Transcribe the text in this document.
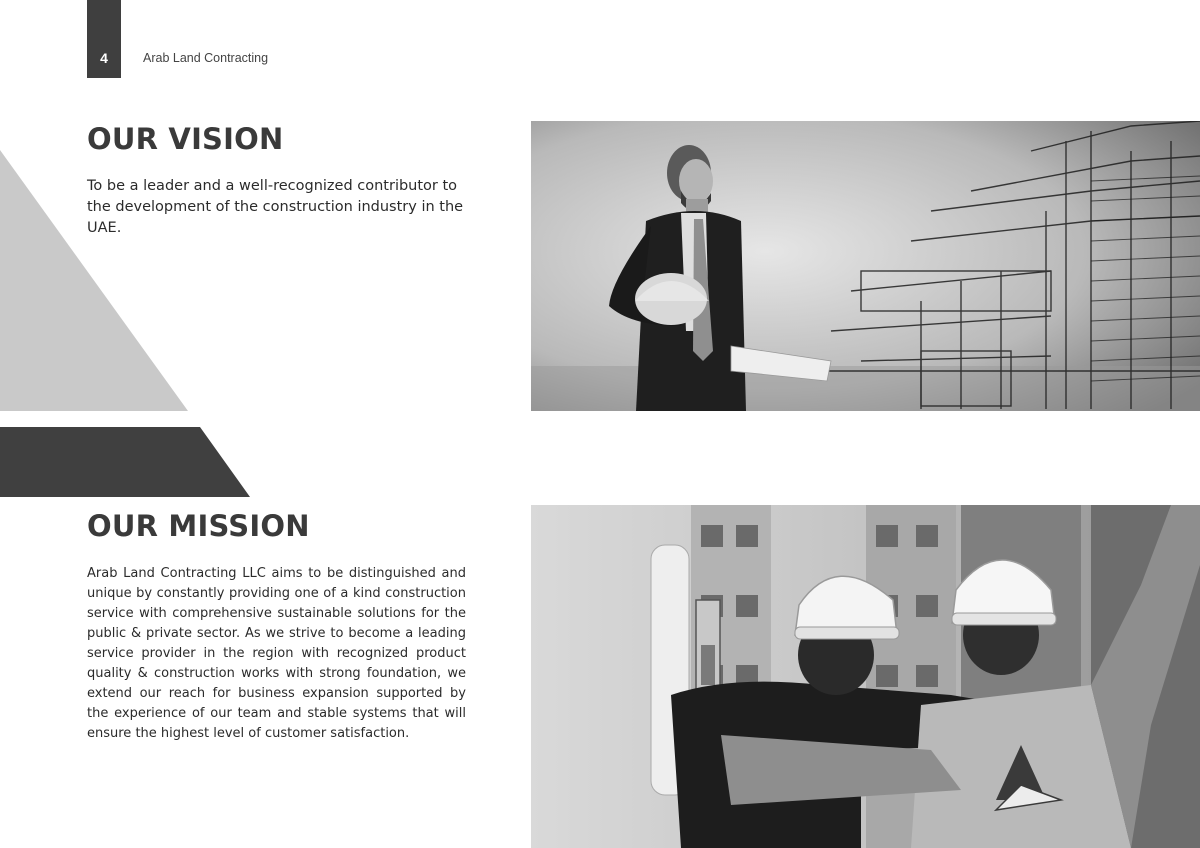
4	Arab Land Contracting
OUR VISION

To be a leader and a well-recognized contributor to the development of the construction industry in the UAE.

OUR MISSION

Arab Land Contracting LLC aims to be distinguished and unique by constantly providing one of a kind construction service with comprehensive sustainable solutions for the public & private sector. As we strive to become a leading service provider in the region with recognized product quality & construction works with strong foundation, we extend our reach for business expansion supported by the experience of our team and stable systems that will ensure the highest level of customer satisfaction.
